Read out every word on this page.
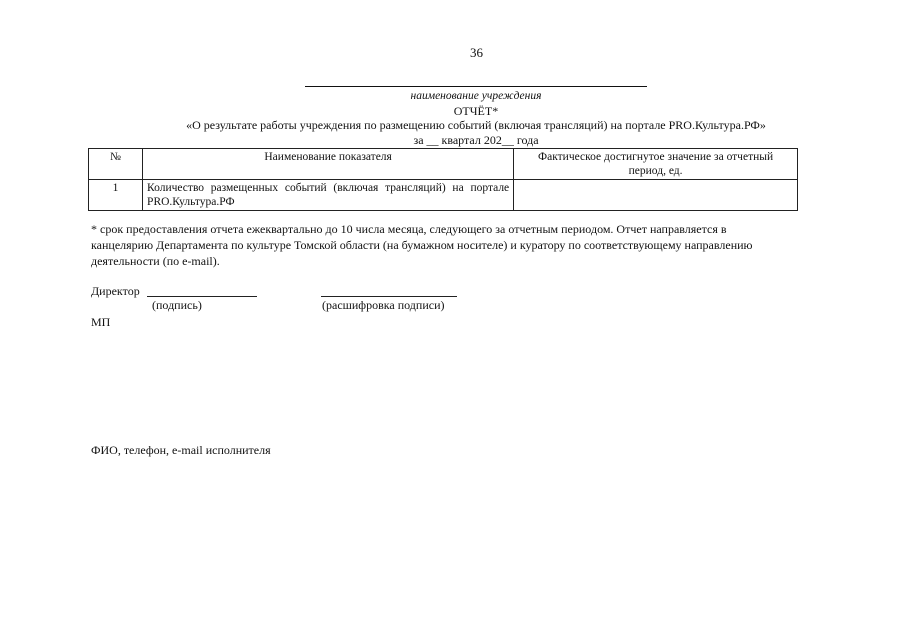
36
наименование учреждения
ОТЧЁТ*
«О результате работы учреждения по размещению событий (включая трансляций) на портале PRO.Культура.РФ»
за __ квартал 202__ года
№	Наименование показателя	Фактическое достигнутое значение за отчетный период, ед.
1	Количество размещенных событий (включая трансляций) на портале PRO.Культура.РФ	
* срок предоставления отчета ежеквартально до 10 числа месяца, следующего за отчетным периодом. Отчет направляется в канцелярию Департамента по культуре Томской области (на бумажном носителе) и куратору по соответствующему направлению деятельности (по e-mail).
Директор
(подпись)	(расшифровка подписи)
МП
ФИО, телефон, e-mail исполнителя
